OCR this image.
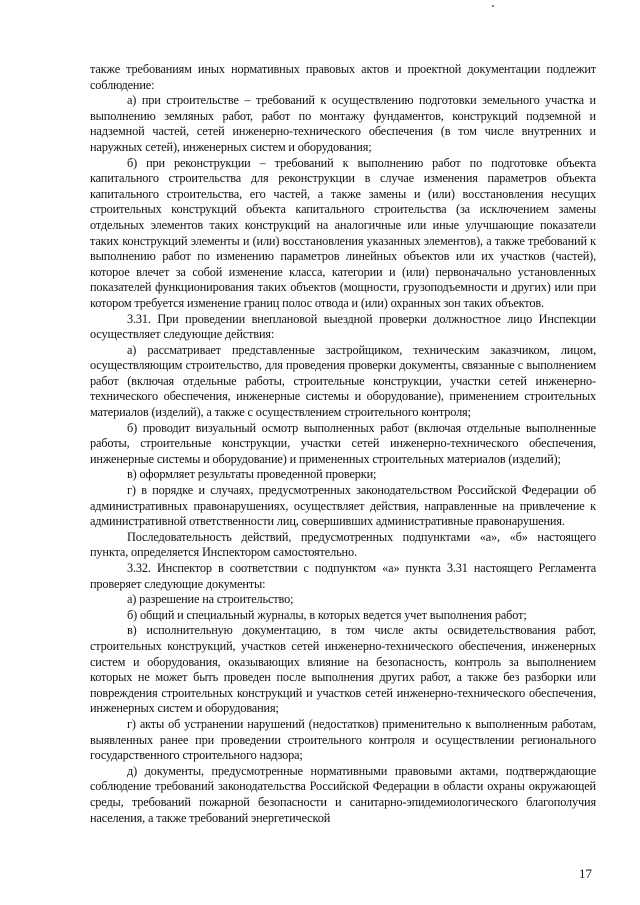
также требованиям иных нормативных правовых актов и проектной документации подлежит соблюдение:

а) при строительстве – требований к осуществлению подготовки земельного участка и выполнению земляных работ, работ по монтажу фундаментов, конструкций подземной и надземной частей, сетей инженерно-технического обеспечения (в том числе внутренних и наружных сетей), инженерных систем и оборудования;

б) при реконструкции – требований к выполнению работ по подготовке объекта капитального строительства для реконструкции в случае изменения параметров объекта капитального строительства, его частей, а также замены и (или) восстановления несущих строительных конструкций объекта капитального строительства (за исключением замены отдельных элементов таких конструкций на аналогичные или иные улучшающие показатели таких конструкций элементы и (или) восстановления указанных элементов), а также требований к выполнению работ по изменению параметров линейных объектов или их участков (частей), которое влечет за собой изменение класса, категории и (или) первоначально установленных показателей функционирования таких объектов (мощности, грузоподъемности и других) или при котором требуется изменение границ полос отвода и (или) охранных зон таких объектов.

3.31. При проведении внеплановой выездной проверки должностное лицо Инспекции осуществляет следующие действия:

а) рассматривает представленные застройщиком, техническим заказчиком, лицом, осуществляющим строительство, для проведения проверки документы, связанные с выполнением работ (включая отдельные работы, строительные конструкции, участки сетей инженерно-технического обеспечения, инженерные системы и оборудование), применением строительных материалов (изделий), а также с осуществлением строительного контроля;

б) проводит визуальный осмотр выполненных работ (включая отдельные выполненные работы, строительные конструкции, участки сетей инженерно-технического обеспечения, инженерные системы и оборудование) и примененных строительных материалов (изделий);

в) оформляет результаты проведенной проверки;

г) в порядке и случаях, предусмотренных законодательством Российской Федерации об административных правонарушениях, осуществляет действия, направленные на привлечение к административной ответственности лиц, совершивших административные правонарушения.

Последовательность действий, предусмотренных подпунктами «а», «б» настоящего пункта, определяется Инспектором самостоятельно.

3.32. Инспектор в соответствии с подпунктом «а» пункта 3.31 настоящего Регламента проверяет следующие документы:

а) разрешение на строительство;

б) общий и специальный журналы, в которых ведется учет выполнения работ;

в) исполнительную документацию, в том числе акты освидетельствования работ, строительных конструкций, участков сетей инженерно-технического обеспечения, инженерных систем и оборудования, оказывающих влияние на безопасность, контроль за выполнением которых не может быть проведен после выполнения других работ, а также без разборки или повреждения строительных конструкций и участков сетей инженерно-технического обеспечения, инженерных систем и оборудования;

г) акты об устранении нарушений (недостатков) применительно к выполненным работам, выявленных ранее при проведении строительного контроля и осуществлении регионального государственного строительного надзора;

д) документы, предусмотренные нормативными правовыми актами, подтверждающие соблюдение требований законодательства Российской Федерации в области охраны окружающей среды, требований пожарной безопасности и санитарно-эпидемиологического благополучия населения, а также требований энергетической

17
